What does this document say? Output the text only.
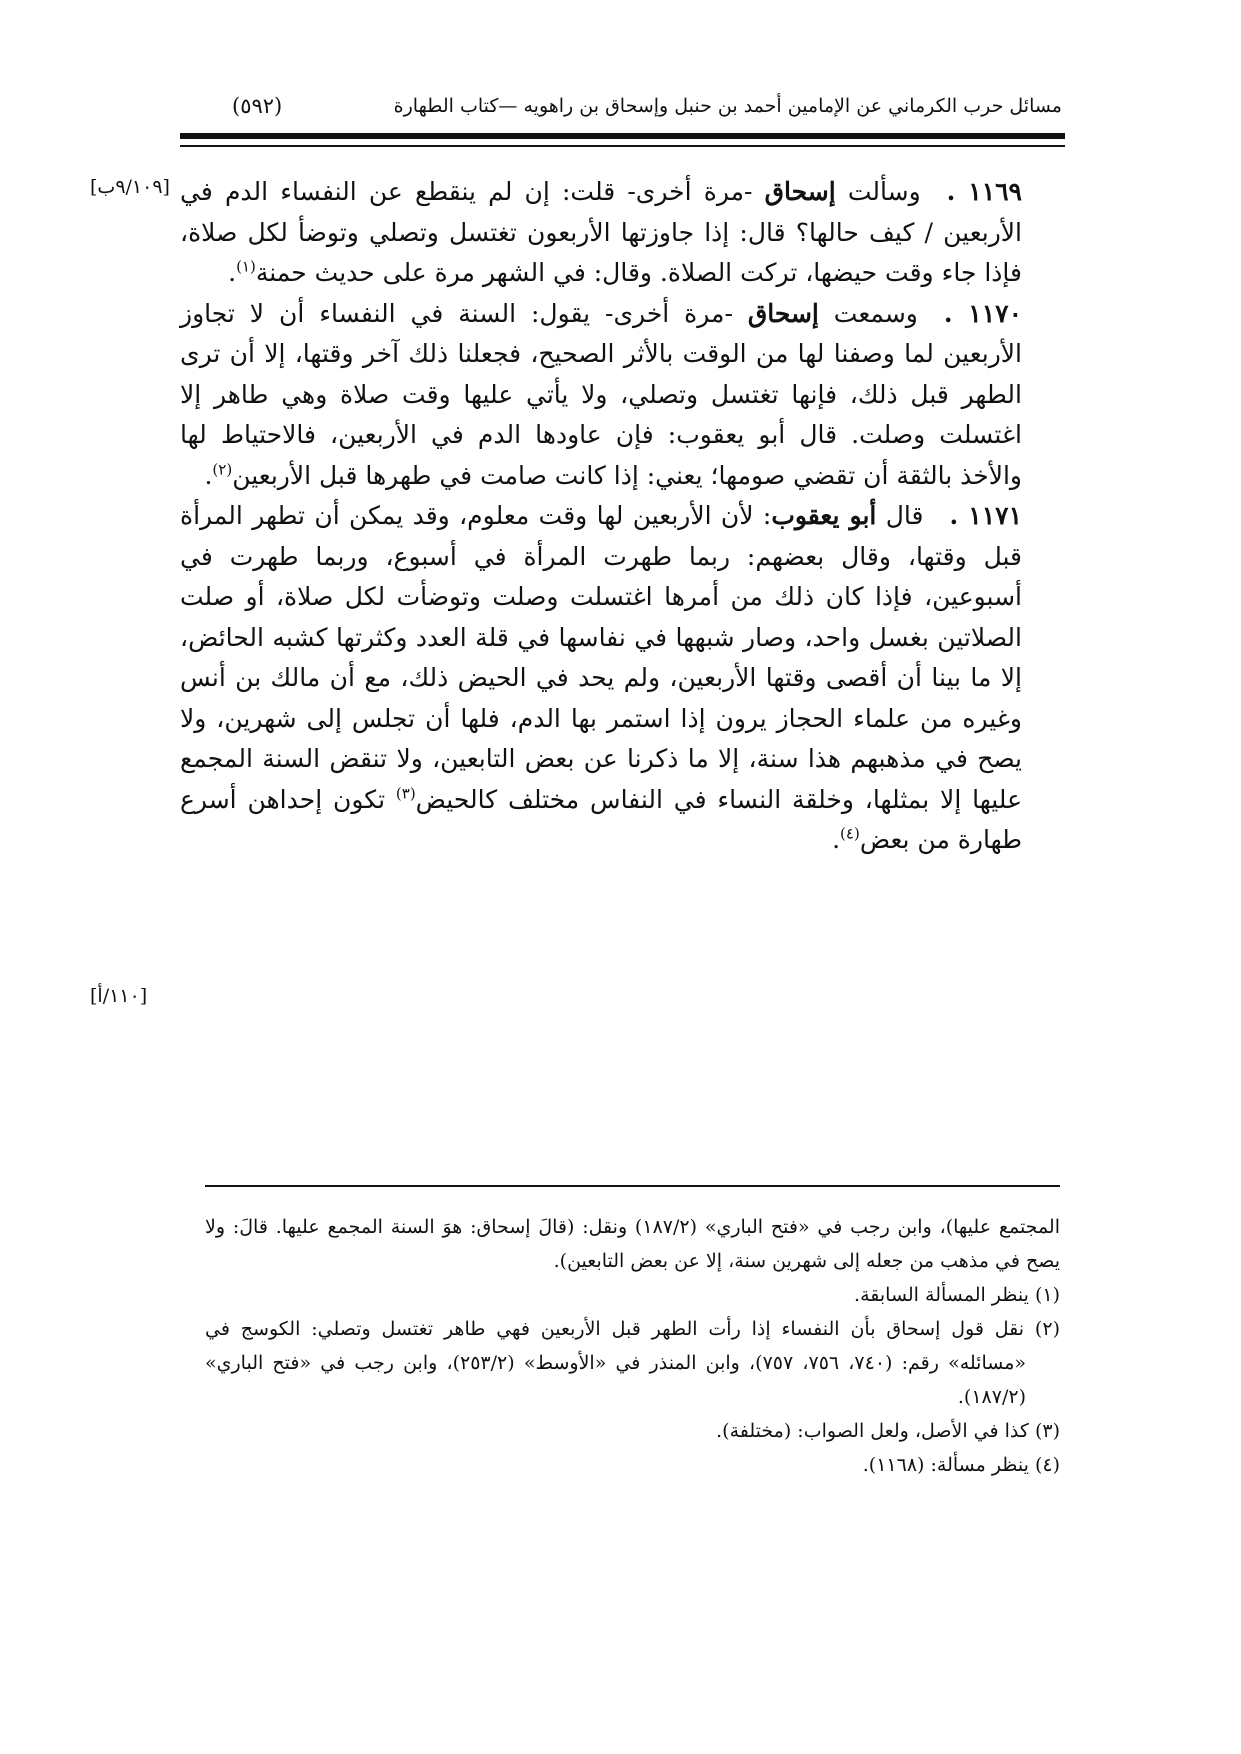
مسائل حرب الكرماني عن الإمامين أحمد بن حنبل وإسحاق بن راهويه —كتاب الطهارة
(٥٩٢)
[٩/١٠٩ب]
[١١٠/أ]

١١٦٩ .وسألت إسحاق -مرة أخرى- قلت: إن لم ينقطع عن النفساء الدم في الأربعين / كيف حالها؟ قال: إذا جاوزتها الأربعون تغتسل وتصلي وتوضأ لكل صلاة، فإذا جاء وقت حيضها، تركت الصلاة. وقال: في الشهر مرة على حديث حمنة$^{(١)}$.

١١٧٠ .وسمعت إسحاق -مرة أخرى- يقول: السنة في النفساء أن لا تجاوز الأربعين لما وصفنا لها من الوقت بالأثر الصحيح، فجعلنا ذلك آخر وقتها، إلا أن ترى الطهر قبل ذلك، فإنها تغتسل وتصلي، ولا يأتي عليها وقت صلاة وهي طاهر إلا اغتسلت وصلت. قال أبو يعقوب: فإن عاودها الدم في الأربعين، فالاحتياط لها والأخذ بالثقة أن تقضي صومها؛ يعني: إذا كانت صامت في طهرها قبل الأربعين$^{(٢)}$.

١١٧١ .قال أبو يعقوب: لأن الأربعين لها وقت معلوم، وقد يمكن أن تطهر المرأة قبل وقتها، وقال بعضهم: ربما طهرت المرأة في أسبوع، وربما طهرت في أسبوعين، فإذا كان ذلك من أمرها اغتسلت وصلت وتوضأت لكل صلاة، أو صلت الصلاتين بغسل واحد، وصار شبهها في نفاسها في قلة العدد وكثرتها كشبه الحائض، إلا ما بينا أن أقصى وقتها الأربعين، ولم يحد في الحيض ذلك، مع أن مالك بن أنس وغيره من علماء الحجاز يرون إذا استمر بها الدم، فلها أن تجلس إلى شهرين، ولا يصح في مذهبهم هذا سنة، إلا ما ذكرنا عن بعض التابعين، ولا تنقض السنة المجمع عليها إلا بمثلها، وخلقة النساء في النفاس مختلف كالحيض$^{(٣)}$ تكون إحداهن أسرع طهارة من بعض$^{(٤)}$.

المجتمع عليها)، وابن رجب في «فتح الباري» (١٨٧/٢) ونقل: (قالَ إسحاق: هوَ السنة المجمع عليها. قالَ: ولا يصح في مذهب من جعله إلى شهرين سنة، إلا عن بعض التابعين).

(١) ينظر المسألة السابقة.

(٢) نقل قول إسحاق بأن النفساء إذا رأت الطهر قبل الأربعين فهي طاهر تغتسل وتصلي: الكوسج في «مسائله» رقم: (٧٤٠، ٧٥٦، ٧٥٧)، وابن المنذر في «الأوسط» (٢٥٣/٢)، وابن رجب في «فتح الباري» (١٨٧/٢).

(٣) كذا في الأصل، ولعل الصواب: (مختلفة).

(٤) ينظر مسألة: (١١٦٨).
